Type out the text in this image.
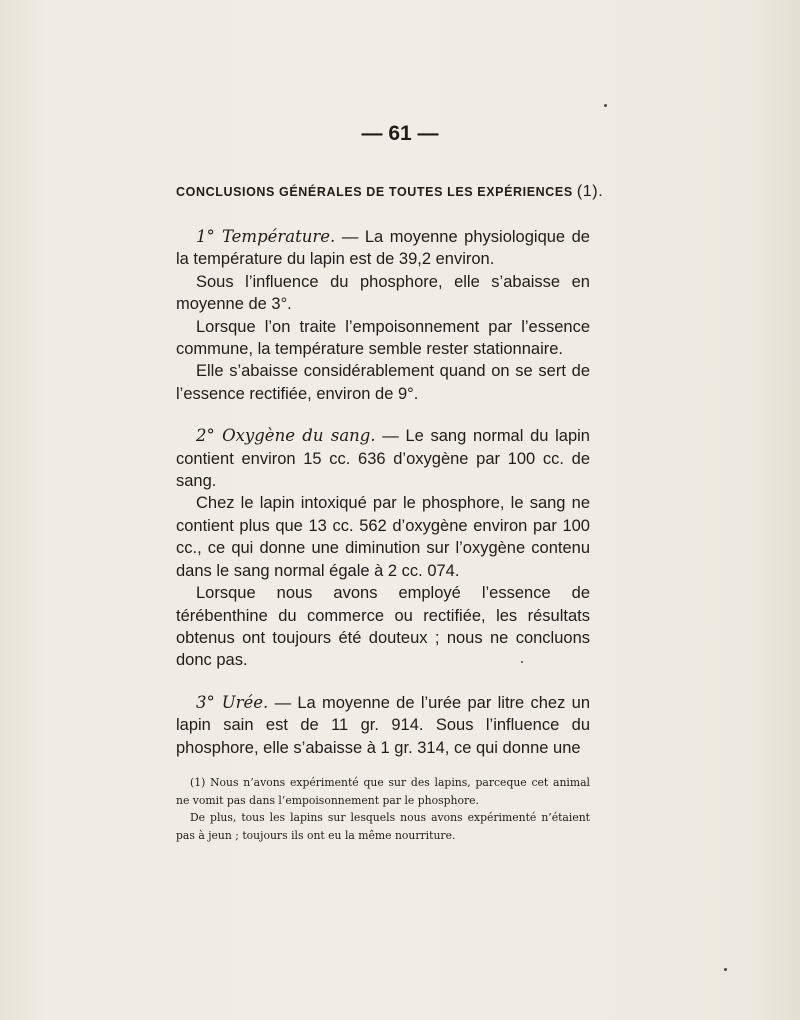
— 61 —
CONCLUSIONS GÉNÉRALES DE TOUTES LES EXPÉRIENCES (1).

1° Température. — La moyenne physiologique de la température du lapin est de 39,2 environ.

Sous l’influence du phosphore, elle s’abaisse en moyenne de 3°.

Lorsque l’on traite l’empoisonnement par l’essence commune, la température semble rester stationnaire.

Elle s’abaisse considérablement quand on se sert de l’essence rectifiée, environ de 9°.

2° Oxygène du sang. — Le sang normal du lapin contient environ 15 cc. 636 d’oxygène par 100 cc. de sang.

Chez le lapin intoxiqué par le phosphore, le sang ne contient plus que 13 cc. 562 d’oxygène environ par 100 cc., ce qui donne une diminution sur l’oxygène contenu dans le sang normal égale à 2 cc. 074.

Lorsque nous avons employé l’essence de térébenthine du commerce ou rectifiée, les résultats obtenus ont toujours été douteux ; nous ne concluons donc pas.

3° Urée. — La moyenne de l’urée par litre chez un lapin sain est de 11 gr. 914. Sous l’influence du phosphore, elle s’abaisse à 1 gr. 314, ce qui donne une

(1) Nous n’avons expérimenté que sur des lapins, parceque cet animal ne vomit pas dans l’empoisonnement par le phosphore.

De plus, tous les lapins sur lesquels nous avons expérimenté n’étaient pas à jeun ; toujours ils ont eu la même nourriture.
